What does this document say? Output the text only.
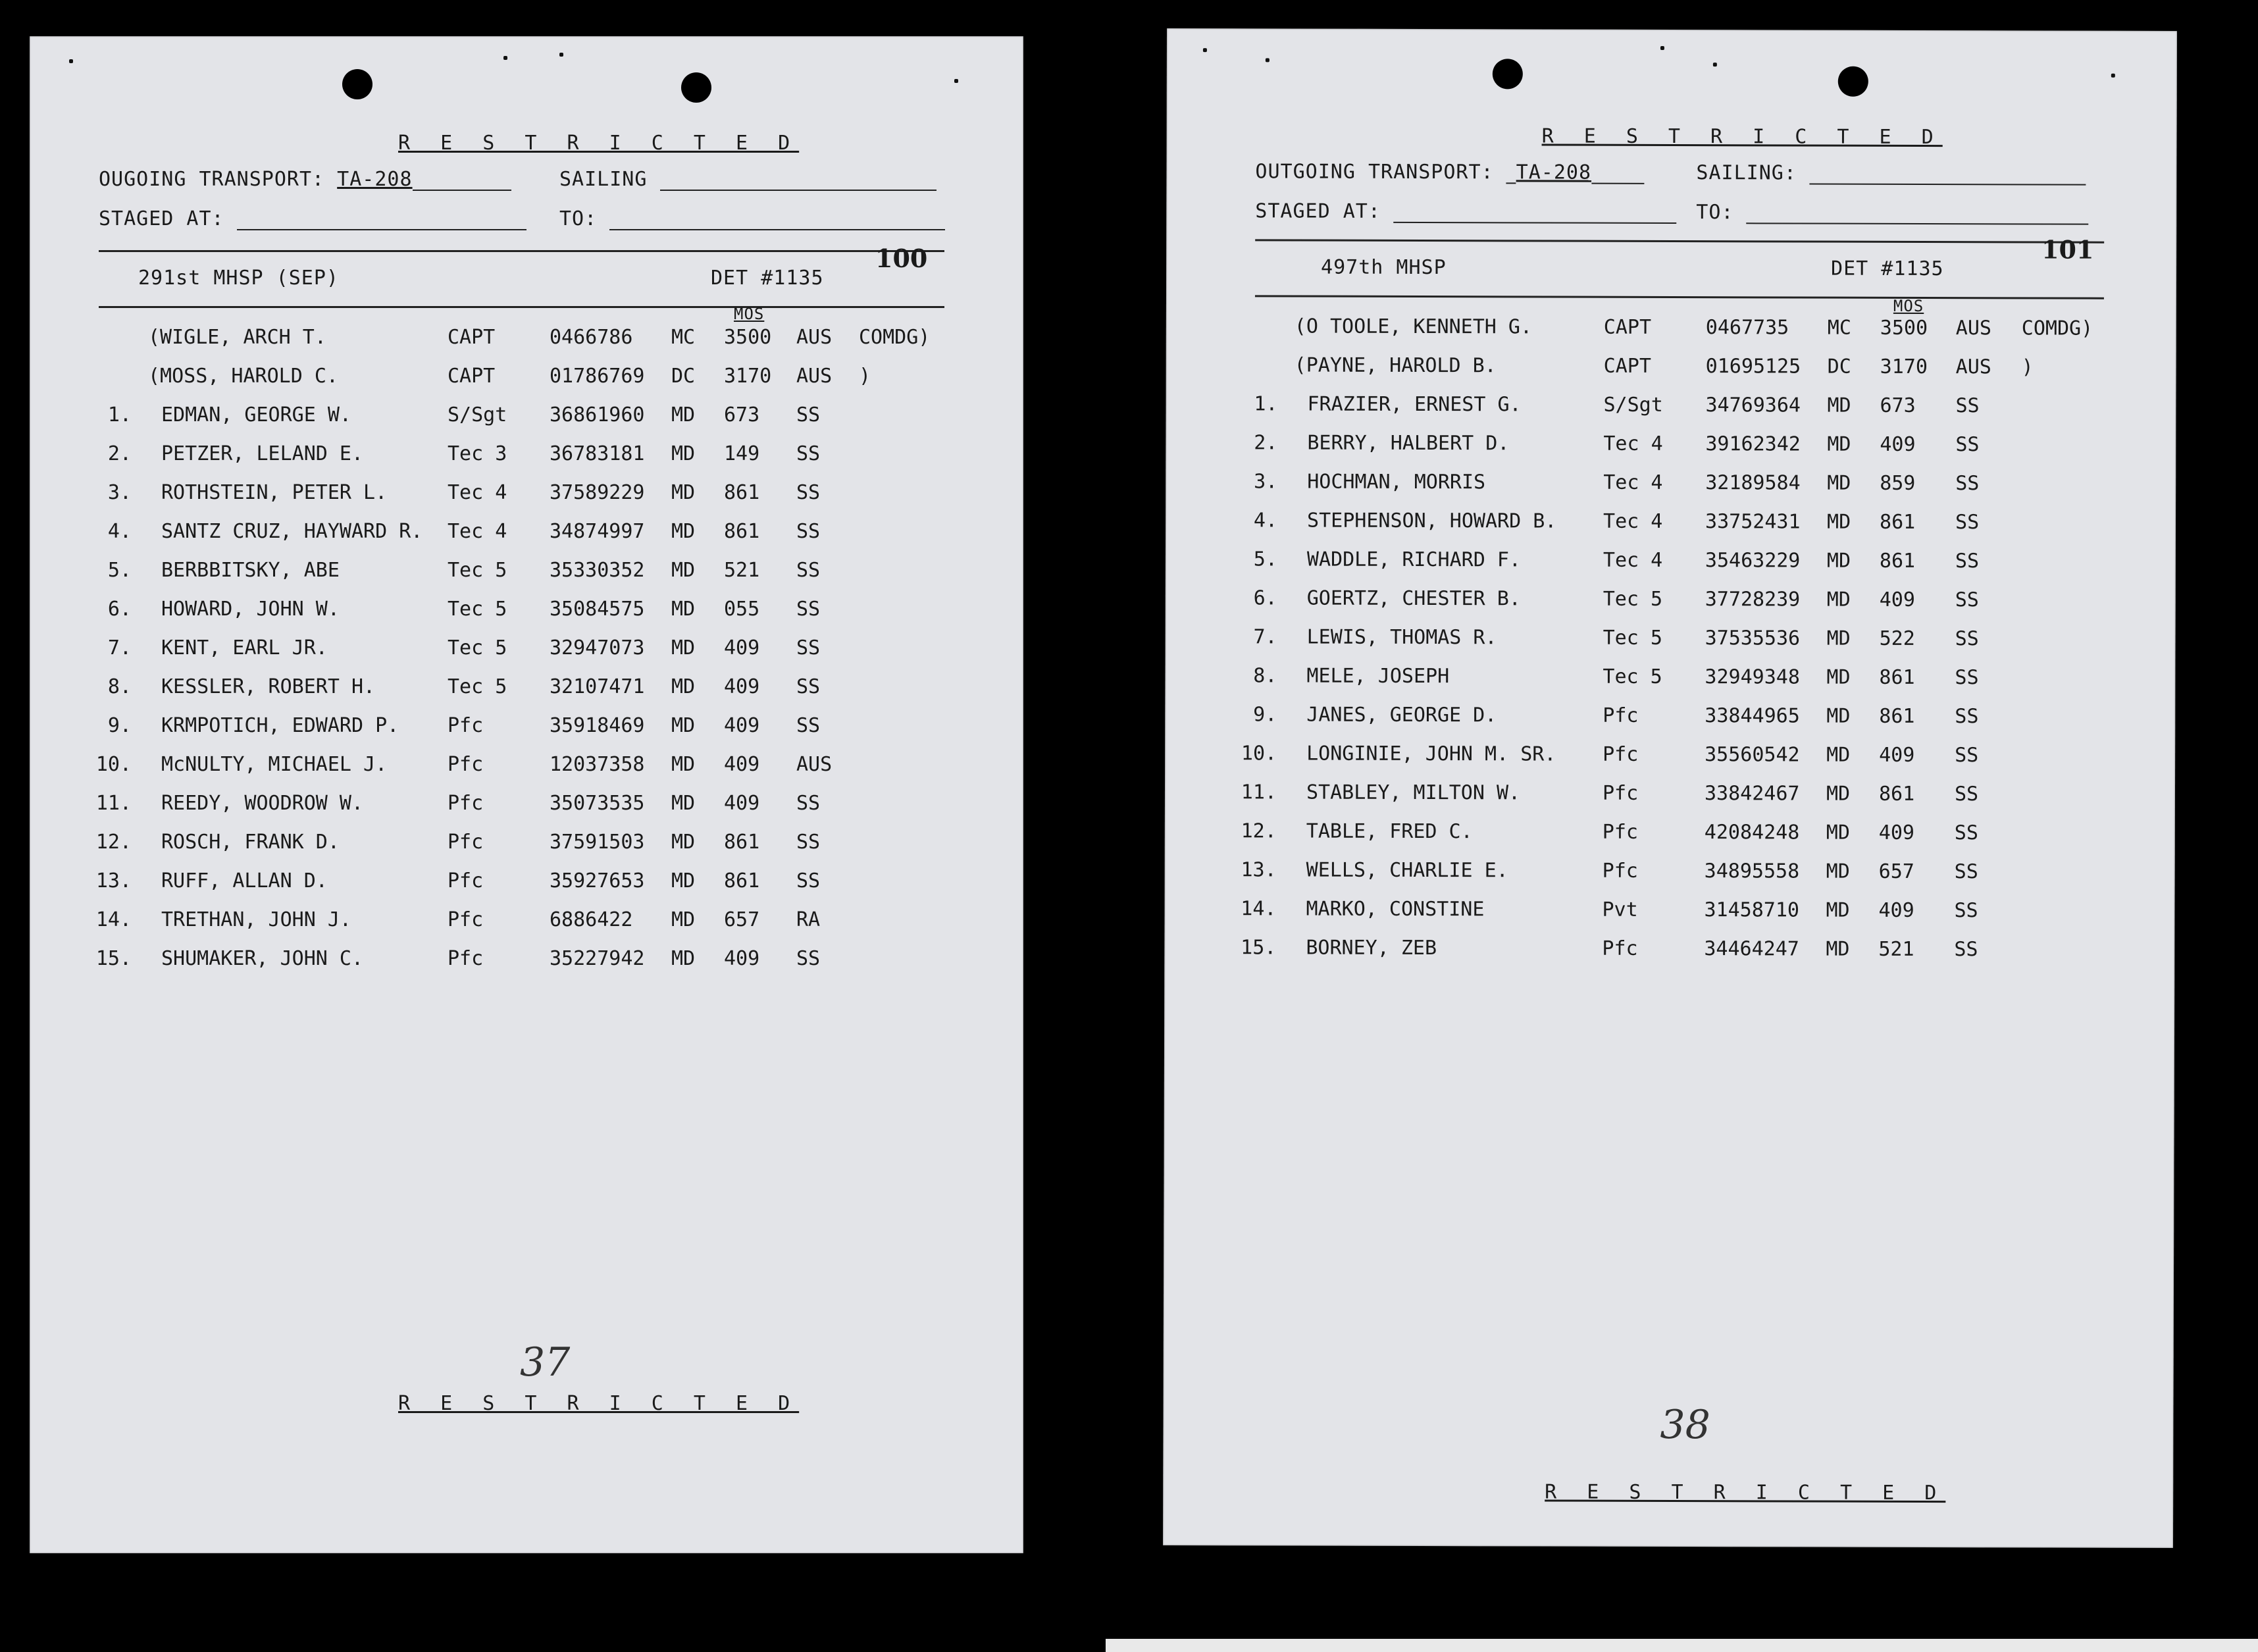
R E S T R I C T E D
OUGOING TRANSPORT: TA-208	SAILING
STAGED AT:	TO:
291st MHSP (SEP)	DET #1135
100
MOS
(WIGLE, ARCH T.	CAPT	0466786 MC 3500 AUS COMDG)
(MOSS, HAROLD C.	CAPT	01786769 DC 3170 AUS )
1. EDMAN, GEORGE W.	S/Sgt 36861960 MD 673 SS
2. PETZER, LELAND E.	Tec 3 36783181 MD 149 SS
3. ROTHSTEIN, PETER L.	Tec 4 37589229 MD 861 SS
4. SANTZ CRUZ, HAYWARD R. Tec 4 34874997 MD 861 SS
5. BERBBITSKY, ABE	Tec 5 35330352 MD 521 SS
6. HOWARD, JOHN W.	Tec 5 35084575 MD 055 SS
7. KENT, EARL JR.	Tec 5 32947073 MD 409 SS
8. KESSLER, ROBERT H.	Tec 5 32107471 MD 409 SS
9. KRMPOTICH, EDWARD P. Pfc	35918469 MD 409 SS
10. McNULTY, MICHAEL J.	Pfc	12037358 MD 409 AUS
11. REEDY, WOODROW W.	Pfc	35073535 MD 409 SS
12. ROSCH, FRANK D.	Pfc	37591503 MD 861 SS
13. RUFF, ALLAN D.	Pfc	35927653 MD 861 SS
14. TRETHAN, JOHN J.	Pfc	6886422 MD 657 RA
15. SHUMAKER, JOHN C.	Pfc	35227942 MD 409 SS
37
R E S T R I C T E D
R E S T R I C T E D
OUTGOING TRANSPORT: TA-208	SAILING:
STAGED AT:	TO:
497th MHSP	DET #1135
101
MOS
(O TOOLE, KENNETH G.	CAPT	0467735 MC 3500 AUS COMDG)
(PAYNE, HAROLD B.	CAPT	01695125 DC 3170 AUS )
1. FRAZIER, ERNEST G.	S/Sgt 34769364 MD 673 SS
2. BERRY, HALBERT D.	Tec 4 39162342 MD 409 SS
3. HOCHMAN, MORRIS	Tec 4 32189584 MD 859 SS
4. STEPHENSON, HOWARD B. Tec 4 33752431 MD 861 SS
5. WADDLE, RICHARD F.	Tec 4 35463229 MD 861 SS
6. GOERTZ, CHESTER B.	Tec 5 37728239 MD 409 SS
7. LEWIS, THOMAS R.	Tec 5 37535536 MD 522 SS
8. MELE, JOSEPH	Tec 5 32949348 MD 861 SS
9. JANES, GEORGE D.	Pfc	33844965 MD 861 SS
10. LONGINIE, JOHN M. SR. Pfc	35560542 MD 409 SS
11. STABLEY, MILTON W.	Pfc	33842467 MD 861 SS
12. TABLE, FRED C.	Pfc	42084248 MD 409 SS
13. WELLS, CHARLIE E.	Pfc	34895558 MD 657 SS
14. MARKO, CONSTINE	Pvt	31458710 MD 409 SS
15. BORNEY, ZEB	Pfc	34464247 MD 521 SS
38
R E S T R I C T E D
